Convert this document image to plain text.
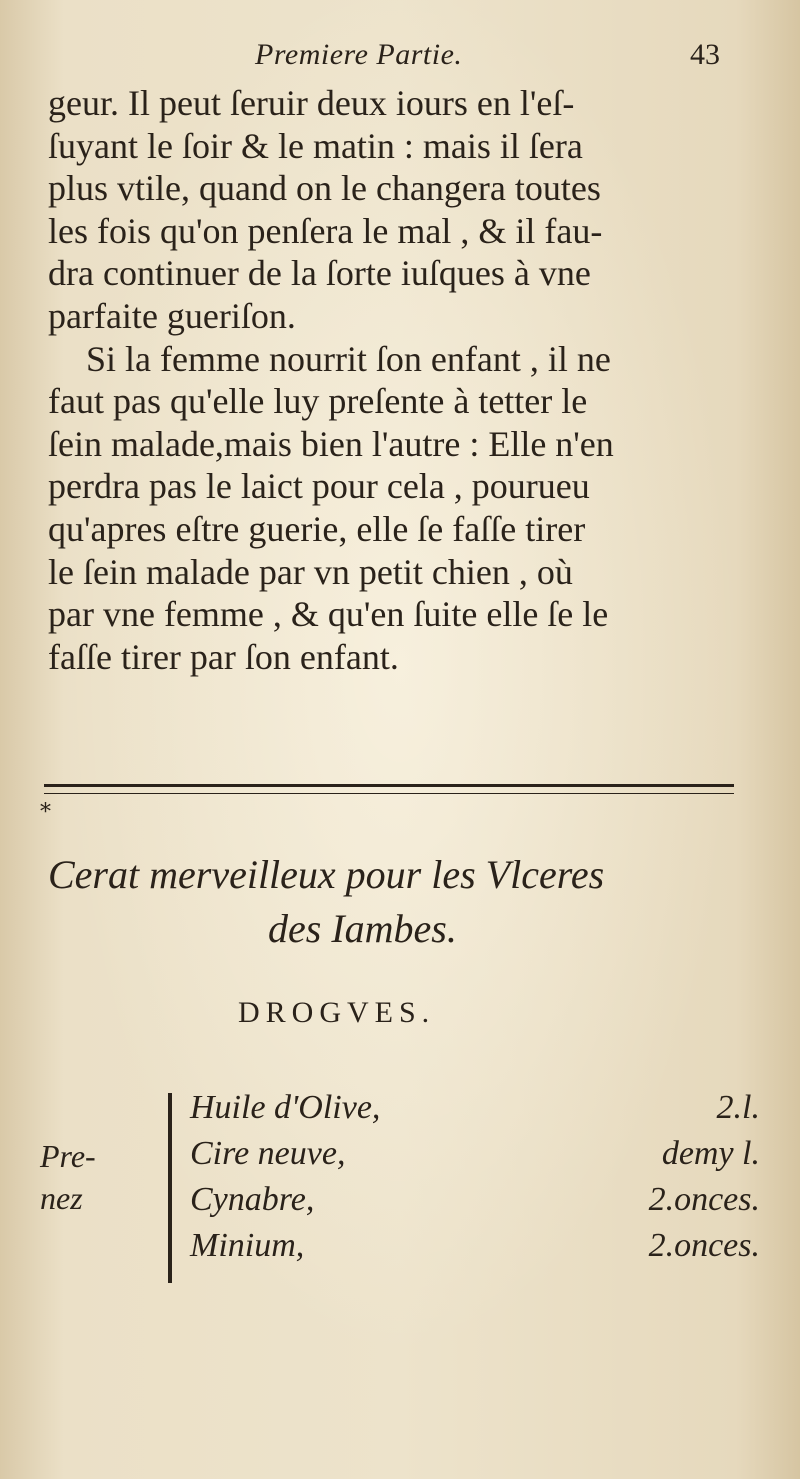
Premiere Partie.	43
geur. Il peut ſeruir deux iours en l'eſ-
ſuyant le ſoir & le matin : mais il ſera
plus vtile, quand on le changera toutes
les fois qu'on penſera le mal , & il fau-
dra continuer de la ſorte iuſques à vne
parfaite gueriſon.
Si la femme nourrit ſon enfant , il ne
faut pas qu'elle luy preſente à tetter le
ſein malade,mais bien l'autre : Elle n'en
perdra pas le laict pour cela , pourueu
qu'apres eſtre guerie, elle ſe faſſe tirer
le ſein malade par vn petit chien , où
par vne femme , & qu'en ſuite elle ſe le
faſſe tirer par ſon enfant.
*
Cerat merveilleux pour les Vlceres
des Iambes.
DROGVES.
Pre-
nez
Huile d'Olive,	2.l.
Cire neuve,	demy l.
Cynabre,	2.onces.
Minium,	2.onces.
